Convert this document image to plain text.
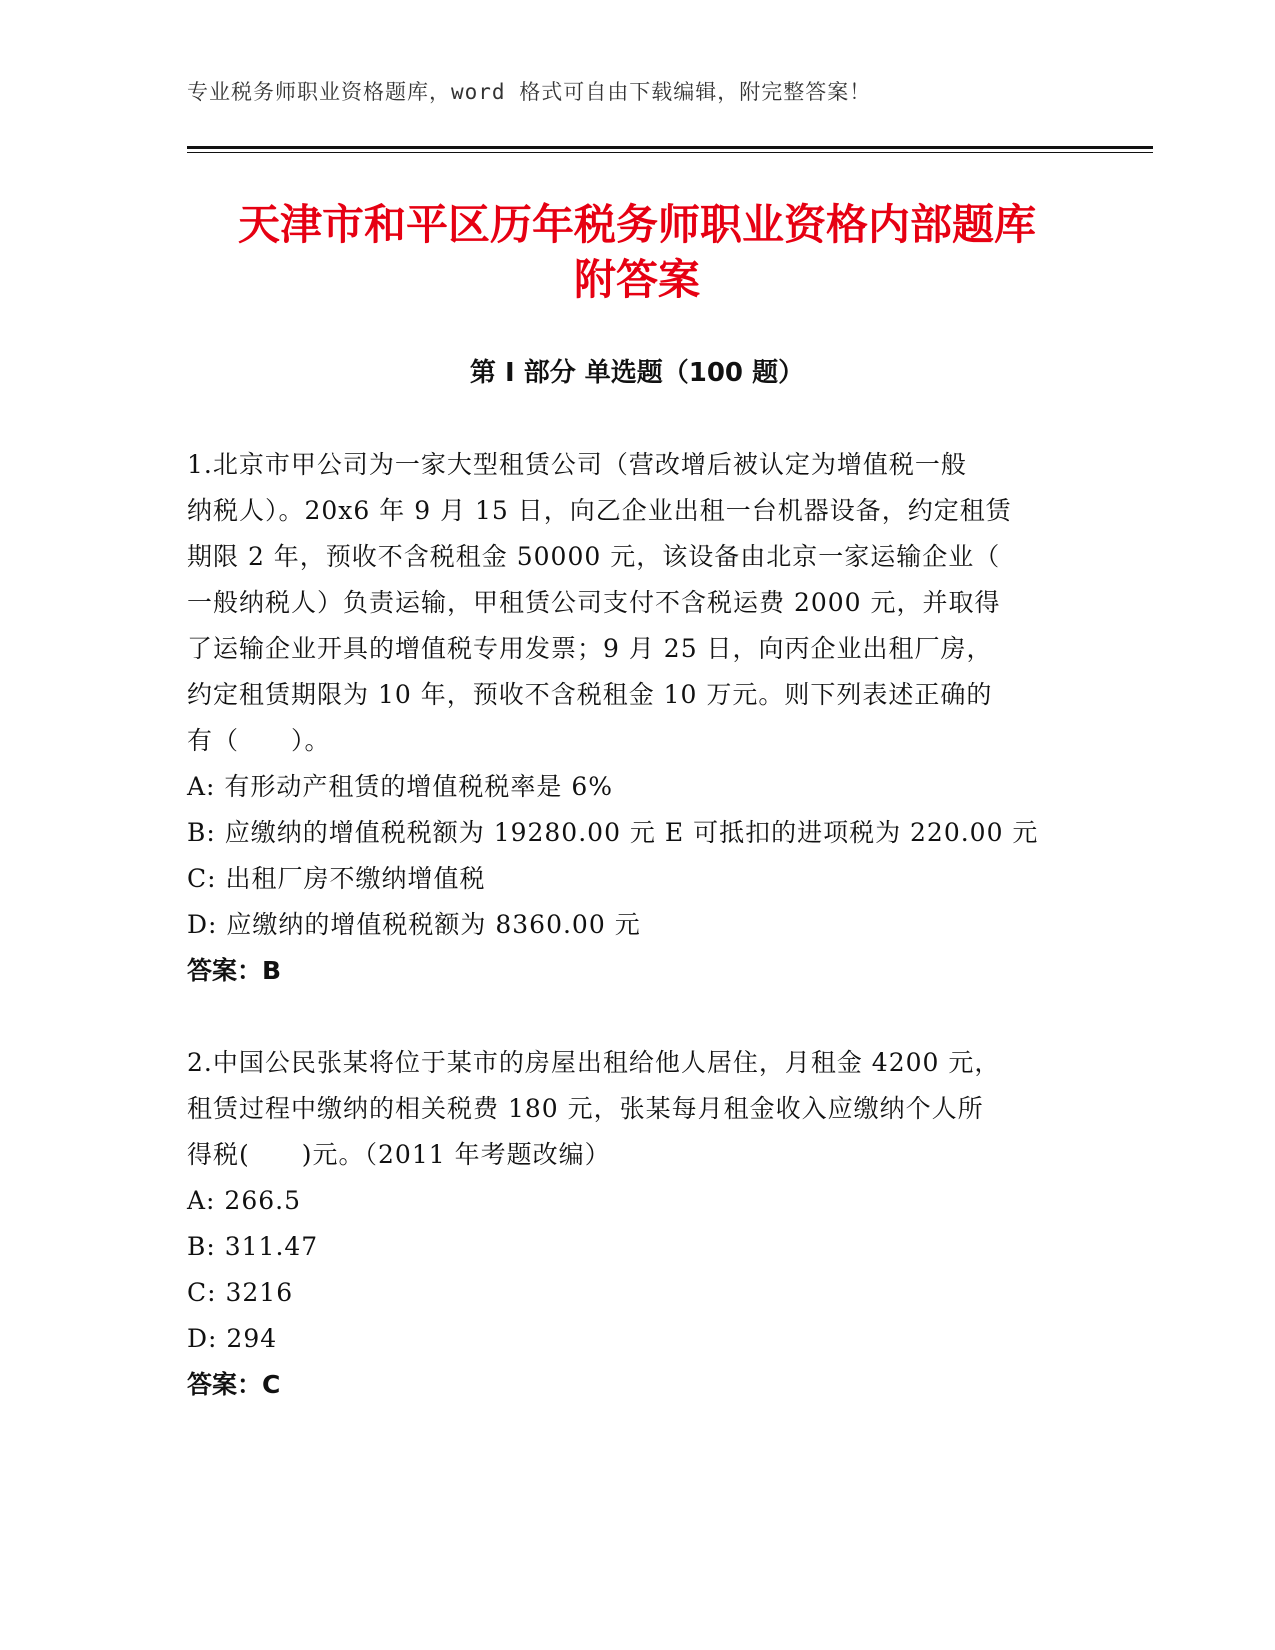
专业税务师职业资格题库，word 格式可自由下载编辑，附完整答案！
天津市和平区历年税务师职业资格内部题库
附答案
第 I 部分 单选题（100 题）

1.北京市甲公司为一家大型租赁公司（营改增后被认定为增值税一般

纳税人）。20x6 年 9 月 15 日，向乙企业出租一台机器设备，约定租赁

期限 2 年，预收不含税租金 50000 元，该设备由北京一家运输企业（

一般纳税人）负责运输，甲租赁公司支付不含税运费 2000 元，并取得

了运输企业开具的增值税专用发票；9 月 25 日，向丙企业出租厂房，

约定租赁期限为 10 年，预收不含税租金 10 万元。则下列表述正确的

有（　　）。

A: 有形动产租赁的增值税税率是 6%

B: 应缴纳的增值税税额为 19280.00 元 E 可抵扣的进项税为 220.00 元

C: 出租厂房不缴纳增值税

D: 应缴纳的增值税税额为 8360.00 元

答案：B

2.中国公民张某将位于某市的房屋出租给他人居住，月租金 4200 元，

租赁过程中缴纳的相关税费 180 元，张某每月租金收入应缴纳个人所

得税(　　)元。（2011 年考题改编）

A: 266.5

B: 311.47

C: 3216

D: 294

答案：C
